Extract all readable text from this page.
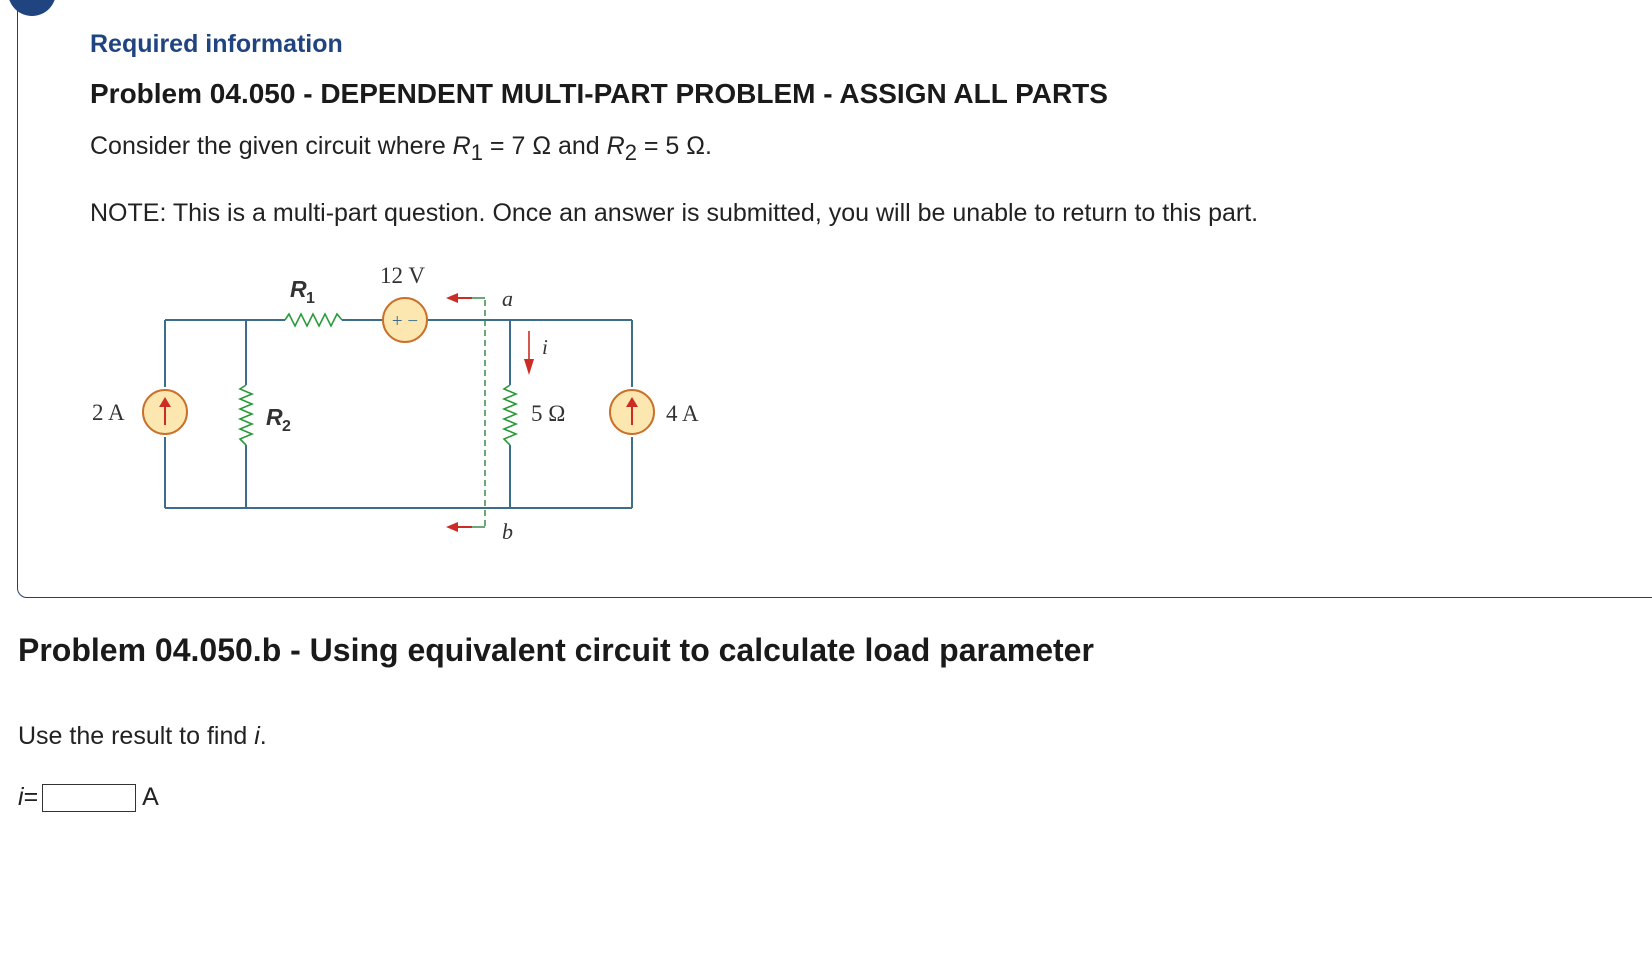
Required information
Problem 04.050 - DEPENDENT MULTI-PART PROBLEM - ASSIGN ALL PARTS
Consider the given circuit where $R_1 = 7$ Ω and $R_2 = 5$ Ω.
NOTE: This is a multi-part question. Once an answer is submitted, you will be unable to return to this part.
+ −
2 A
R 1
R 2
12 V
a
i
5 Ω	4 A
b
Problem 04.050.b - Using equivalent circuit to calculate load parameter
Use the result to find i.
i =	A
